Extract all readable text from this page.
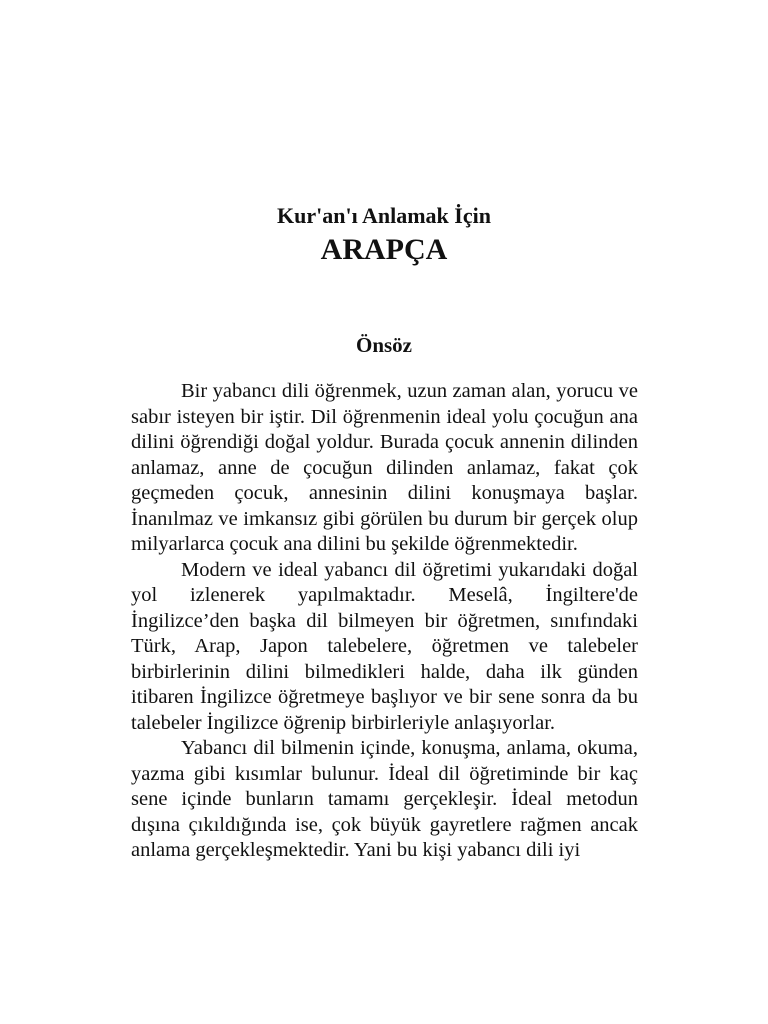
Kur'an'ı Anlamak İçin
ARAPÇA
Önsöz

Bir yabancı dili öğrenmek, uzun zaman alan, yorucu ve sabır isteyen bir iştir. Dil öğrenmenin ideal yolu çocuğun ana dilini öğrendiği doğal yoldur. Burada çocuk annenin dilinden anlamaz, anne de çocuğun dilinden anlamaz, fakat çok geçmeden çocuk, annesinin dilini konuşmaya başlar. İnanılmaz ve imkansız gibi görülen bu durum bir gerçek olup milyarlarca çocuk ana dilini bu şekilde öğrenmektedir.

Modern ve ideal yabancı dil öğretimi yukarıdaki doğal yol izlenerek yapılmaktadır. Meselâ, İngiltere'de İngilizce’den başka dil bilmeyen bir öğretmen, sınıfındaki Türk, Arap, Japon talebelere, öğretmen ve talebeler birbirlerinin dilini bilmedikleri halde, daha ilk günden itibaren İngilizce öğretmeye başlıyor ve bir sene sonra da bu talebeler İngilizce öğrenip birbirleriyle anlaşıyorlar.

Yabancı dil bilmenin içinde, konuşma, anlama, okuma, yazma gibi kısımlar bulunur. İdeal dil öğretiminde bir kaç sene içinde bunların tamamı gerçekleşir. İdeal metodun dışına çıkıldığında ise, çok büyük gayretlere rağmen ancak anlama gerçekleşmektedir. Yani bu kişi yabancı dili iyi
